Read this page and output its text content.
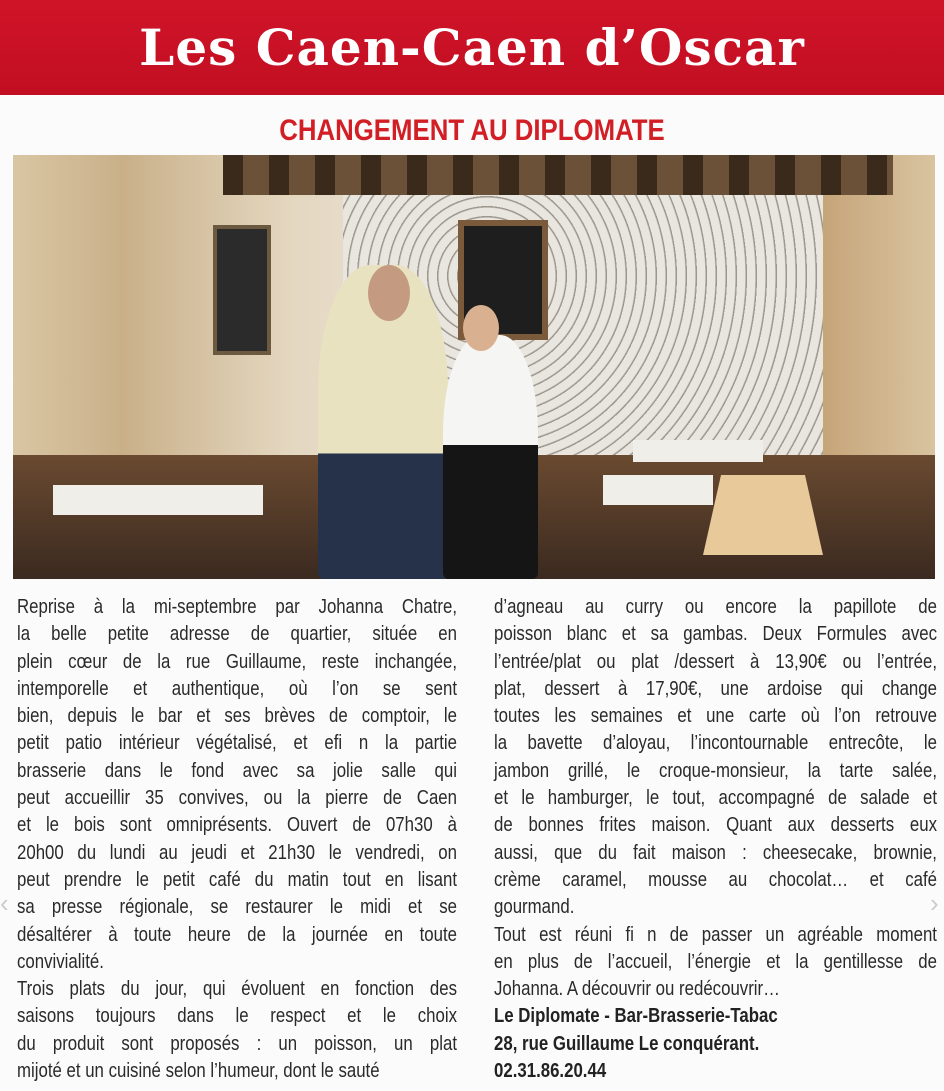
Les Caen-Caen d’Oscar
CHANGEMENT AU DIPLOMATE
Reprise à la mi-septembre par Johanna Chatre,
la belle petite adresse de quartier, située en
plein cœur de la rue Guillaume, reste inchangée,
intemporelle et authentique, où l’on se sent
bien, depuis le bar et ses brèves de comptoir, le
petit patio intérieur végétalisé, et efi n la partie
brasserie dans le fond avec sa jolie salle qui
peut accueillir 35 convives, ou la pierre de Caen
et le bois sont omniprésents. Ouvert de 07h30 à
20h00 du lundi au jeudi et 21h30 le vendredi, on
peut prendre le petit café du matin tout en lisant
sa presse régionale, se restaurer le midi et se
désaltérer à toute heure de la journée en toute
convivialité.
Trois plats du jour, qui évoluent en fonction des
saisons toujours dans le respect et le choix
du produit sont proposés : un poisson, un plat
mijoté et un cuisiné selon l’humeur, dont le sauté
d’agneau au curry ou encore la papillote de
poisson blanc et sa gambas. Deux Formules avec
l’entrée/plat ou plat /dessert à 13,90€ ou l’entrée,
plat, dessert à 17,90€, une ardoise qui change
toutes les semaines et une carte où l’on retrouve
la bavette d’aloyau, l’incontournable entrecôte, le
jambon grillé, le croque-monsieur, la tarte salée,
et le hamburger, le tout, accompagné de salade et
de bonnes frites maison. Quant aux desserts eux
aussi, que du fait maison : cheesecake, brownie,
crème caramel, mousse au chocolat… et café
gourmand.
Tout est réuni ﬁ n de passer un agréable moment
en plus de l’accueil, l’énergie et la gentillesse de
Johanna. A découvrir ou redécouvrir…
Le Diplomate - Bar-Brasserie-Tabac
28, rue Guillaume Le conquérant.
02.31.86.20.44
‹	›
